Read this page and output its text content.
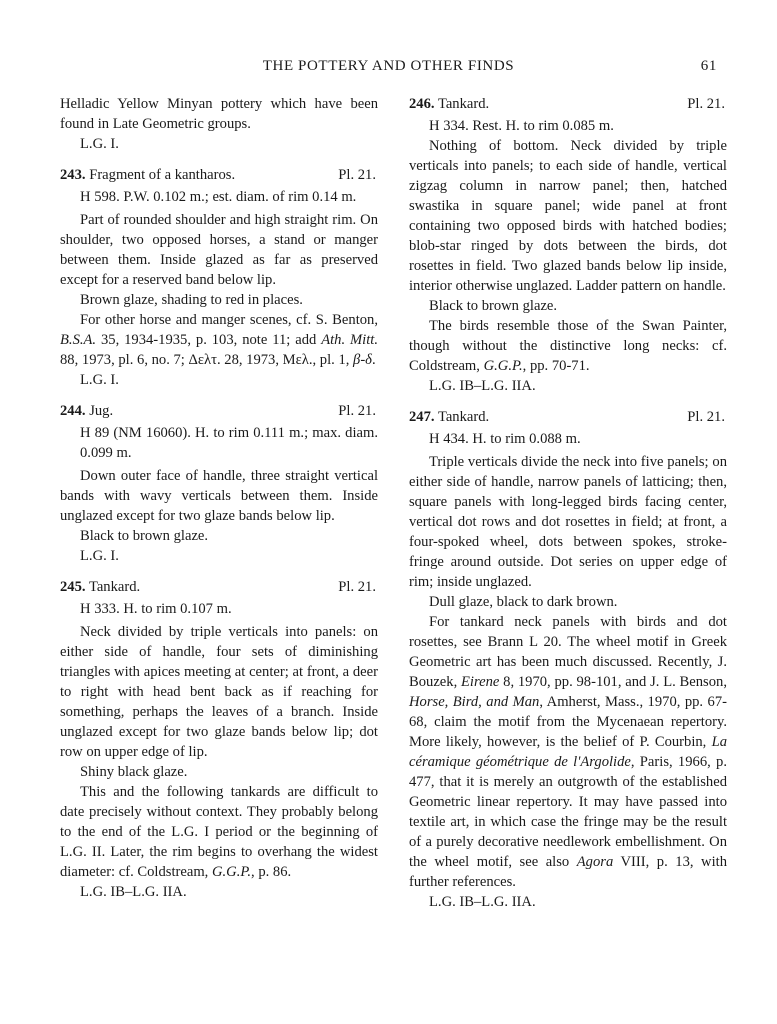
THE POTTERY AND OTHER FINDS	61

Helladic Yellow Minyan pottery which have been found in Late Geometric groups.

L.G. I.

243. Fragment of a kantharos.	Pl. 21.

H 598. P.W. 0.102 m.; est. diam. of rim 0.14 m.

Part of rounded shoulder and high straight rim. On shoulder, two opposed horses, a stand or manger between them. Inside glazed as far as preserved except for a reserved band below lip.

Brown glaze, shading to red in places.

For other horse and manger scenes, cf. S. Benton, B.S.A. 35, 1934-1935, p. 103, note 11; add Ath. Mitt. 88, 1973, pl. 6, no. 7; Δελτ. 28, 1973, Μελ., pl. 1, β-δ.

L.G. I.

244. Jug.	Pl. 21.

H 89 (NM 16060). H. to rim 0.111 m.; max. diam. 0.099 m.

Down outer face of handle, three straight vertical bands with wavy verticals between them. Inside unglazed except for two glaze bands below lip.

Black to brown glaze.

L.G. I.

245. Tankard.	Pl. 21.

H 333. H. to rim 0.107 m.

Neck divided by triple verticals into panels: on either side of handle, four sets of diminishing triangles with apices meeting at center; at front, a deer to right with head bent back as if reaching for something, perhaps the leaves of a branch. Inside unglazed except for two glaze bands below lip; dot row on upper edge of lip.

Shiny black glaze.

This and the following tankards are difficult to date precisely without context. They probably belong to the end of the L.G. I period or the beginning of L.G. II. Later, the rim begins to overhang the widest diameter: cf. Coldstream, G.G.P., p. 86.

L.G. IB–L.G. IIA.

246. Tankard.	Pl. 21.

H 334. Rest. H. to rim 0.085 m.

Nothing of bottom. Neck divided by triple verticals into panels; to each side of handle, vertical zigzag column in narrow panel; then, hatched swastika in square panel; wide panel at front containing two opposed birds with hatched bodies; blob-star ringed by dots between the birds, dot rosettes in field. Two glazed bands below lip inside, interior otherwise unglazed. Ladder pattern on handle.

Black to brown glaze.

The birds resemble those of the Swan Painter, though without the distinctive long necks: cf. Coldstream, G.G.P., pp. 70-71.

L.G. IB–L.G. IIA.

247. Tankard.	Pl. 21.

H 434. H. to rim 0.088 m.

Triple verticals divide the neck into five panels; on either side of handle, narrow panels of latticing; then, square panels with long-legged birds facing center, vertical dot rows and dot rosettes in field; at front, a four-spoked wheel, dots between spokes, stroke-fringe around outside. Dot series on upper edge of rim; inside unglazed.

Dull glaze, black to dark brown.

For tankard neck panels with birds and dot rosettes, see Brann L 20. The wheel motif in Greek Geometric art has been much discussed. Recently, J. Bouzek, Eirene 8, 1970, pp. 98-101, and J. L. Benson, Horse, Bird, and Man, Amherst, Mass., 1970, pp. 67-68, claim the motif from the Mycenaean repertory. More likely, however, is the belief of P. Courbin, La céramique géométrique de l'Argolide, Paris, 1966, p. 477, that it is merely an outgrowth of the established Geometric linear repertory. It may have passed into textile art, in which case the fringe may be the result of a purely decorative needlework embellishment. On the wheel motif, see also Agora VIII, p. 13, with further references.

L.G. IB–L.G. IIA.
